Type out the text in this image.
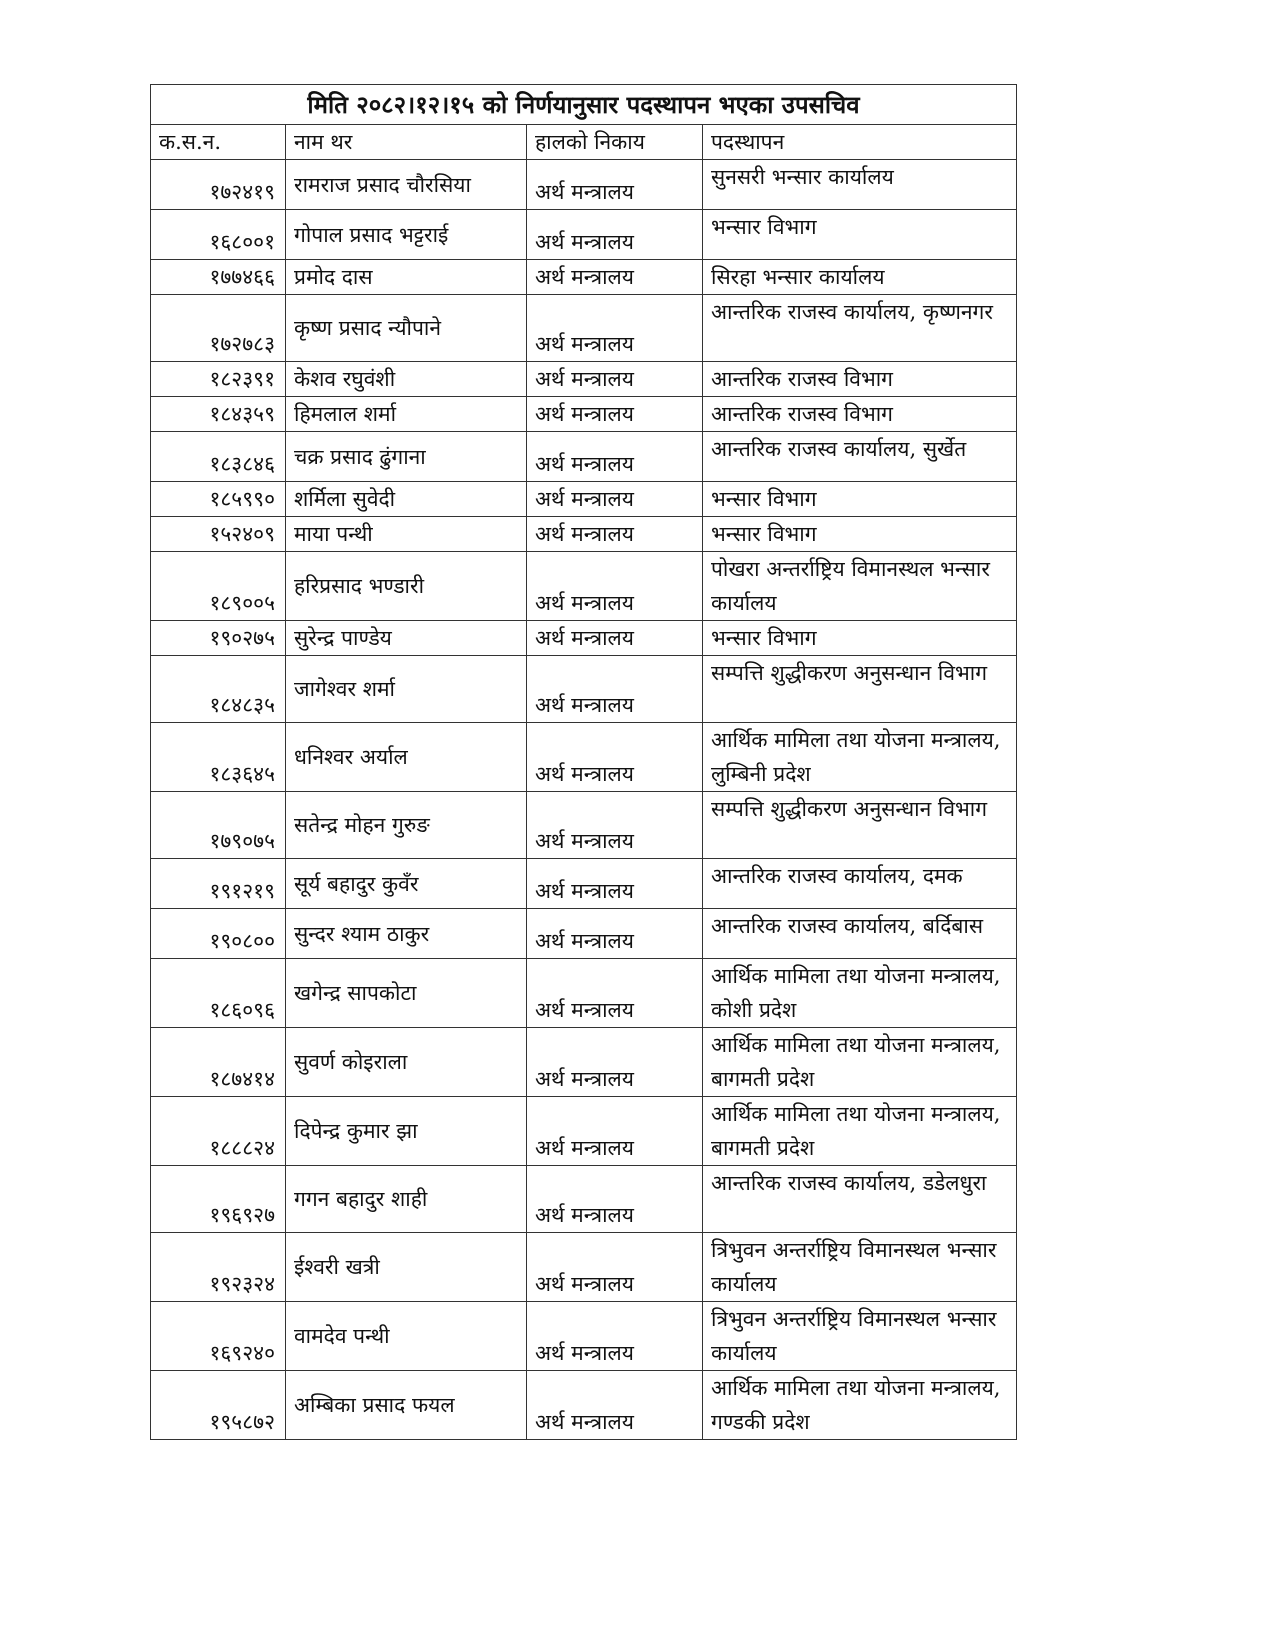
मिति २०८२।१२।१५ को निर्णयानुसार पदस्थापन भएका उपसचिव			
क.स.न.	नाम थर	हालको निकाय	पदस्थापन
१७२४१९	रामराज प्रसाद चौरसिया	अर्थ मन्त्रालय	सुनसरी भन्सार कार्यालय
१६८००१	गोपाल प्रसाद भट्टराई	अर्थ मन्त्रालय	भन्सार विभाग
१७७४६६	प्रमोद दास	अर्थ मन्त्रालय	सिरहा भन्सार कार्यालय
१७२७८३	कृष्ण प्रसाद न्यौपाने	अर्थ मन्त्रालय	आन्तरिक राजस्व कार्यालय, कृष्णनगर
१८२३९१	केशव रघुवंशी	अर्थ मन्त्रालय	आन्तरिक राजस्व विभाग
१८४३५९	हिमलाल शर्मा	अर्थ मन्त्रालय	आन्तरिक राजस्व विभाग
१८३८४६	चक्र प्रसाद ढुंगाना	अर्थ मन्त्रालय	आन्तरिक राजस्व कार्यालय, सुर्खेत
१८५९९०	शर्मिला सुवेदी	अर्थ मन्त्रालय	भन्सार विभाग
१५२४०९	माया पन्थी	अर्थ मन्त्रालय	भन्सार विभाग
१८९००५	हरिप्रसाद भण्डारी	अर्थ मन्त्रालय	पोखरा अन्तर्राष्ट्रिय विमानस्थल भन्सार कार्यालय
१९०२७५	सुरेन्द्र पाण्डेय	अर्थ मन्त्रालय	भन्सार विभाग
१८४८३५	जागेश्वर शर्मा	अर्थ मन्त्रालय	सम्पत्ति शुद्धीकरण अनुसन्धान विभाग
१८३६४५	धनिश्वर अर्याल	अर्थ मन्त्रालय	आर्थिक मामिला तथा योजना मन्त्रालय, लुम्बिनी प्रदेश
१७९०७५	सतेन्द्र मोहन गुरुङ	अर्थ मन्त्रालय	सम्पत्ति शुद्धीकरण अनुसन्धान विभाग
१९१२१९	सूर्य बहादुर कुवँर	अर्थ मन्त्रालय	आन्तरिक राजस्व कार्यालय, दमक
१९०८००	सुन्दर श्याम ठाकुर	अर्थ मन्त्रालय	आन्तरिक राजस्व कार्यालय, बर्दिबास
१८६०९६	खगेन्द्र सापकोटा	अर्थ मन्त्रालय	आर्थिक मामिला तथा योजना मन्त्रालय, कोशी प्रदेश
१८७४१४	सुवर्ण कोइराला	अर्थ मन्त्रालय	आर्थिक मामिला तथा योजना मन्त्रालय, बागमती प्रदेश
१८८८२४	दिपेन्द्र कुमार झा	अर्थ मन्त्रालय	आर्थिक मामिला तथा योजना मन्त्रालय, बागमती प्रदेश
१९६९२७	गगन बहादुर शाही	अर्थ मन्त्रालय	आन्तरिक राजस्व कार्यालय, डडेलधुरा
१९२३२४	ईश्वरी खत्री	अर्थ मन्त्रालय	त्रिभुवन अन्तर्राष्ट्रिय विमानस्थल भन्सार कार्यालय
१६९२४०	वामदेव पन्थी	अर्थ मन्त्रालय	त्रिभुवन अन्तर्राष्ट्रिय विमानस्थल भन्सार कार्यालय
१९५८७२	अम्बिका प्रसाद फयल	अर्थ मन्त्रालय	आर्थिक मामिला तथा योजना मन्त्रालय, गण्डकी प्रदेश
